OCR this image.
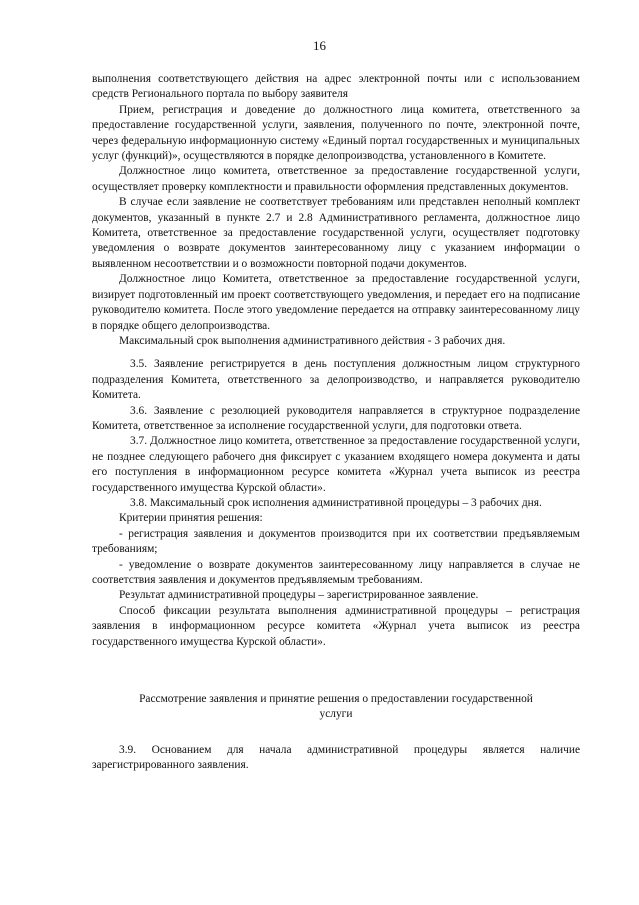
16

выполнения соответствующего действия на адрес электронной почты или с использованием средств Регионального портала по выбору заявителя

Прием, регистрация и доведение до должностного лица комитета, ответственного за предоставление государственной услуги, заявления, полученного по почте, электронной почте, через федеральную информационную систему «Единый портал государственных и муниципальных услуг (функций)», осуществляются в порядке делопроизводства, установленного в Комитете.

Должностное лицо комитета, ответственное за предоставление государственной услуги, осуществляет проверку комплектности и правильности оформления представленных документов.

В случае если заявление не соответствует требованиям или представлен неполный комплект документов, указанный в пункте 2.7 и 2.8 Административного регламента, должностное лицо Комитета, ответственное за предоставление государственной услуги, осуществляет подготовку уведомления о возврате документов заинтересованному лицу с указанием информации о выявленном несоответствии и о возможности повторной подачи документов.

Должностное лицо Комитета, ответственное за предоставление государственной услуги, визирует подготовленный им проект соответствующего уведомления, и передает его на подписание руководителю комитета. После этого уведомление передается на отправку заинтересованному лицу в порядке общего делопроизводства.

Максимальный срок выполнения административного действия - 3 рабочих дня.

3.5. Заявление регистрируется в день поступления должностным лицом структурного подразделения Комитета, ответственного за делопроизводство, и направляется руководителю Комитета.

3.6. Заявление с резолюцией руководителя направляется в структурное подразделение Комитета, ответственное за исполнение государственной услуги, для подготовки ответа.

3.7. Должностное лицо комитета, ответственное за предоставление государственной услуги, не позднее следующего рабочего дня фиксирует с указанием входящего номера документа и даты его поступления в информационном ресурсе комитета «Журнал учета выписок из реестра государственного имущества Курской области».

3.8. Максимальный срок исполнения административной процедуры – 3 рабочих дня.

Критерии принятия решения:

- регистрация заявления и документов производится при их соответствии предъявляемым требованиям;

- уведомление о возврате документов заинтересованному лицу направляется в случае не соответствия заявления и документов предъявляемым требованиям.

Результат административной процедуры – зарегистрированное заявление.

Способ фиксации результата выполнения административной процедуры – регистрация заявления в информационном ресурсе комитета «Журнал учета выписок из реестра государственного имущества Курской области».

Рассмотрение заявления и принятие решения о предоставлении государственной услуги

3.9. Основанием для начала административной процедуры является наличие зарегистрированного заявления.
